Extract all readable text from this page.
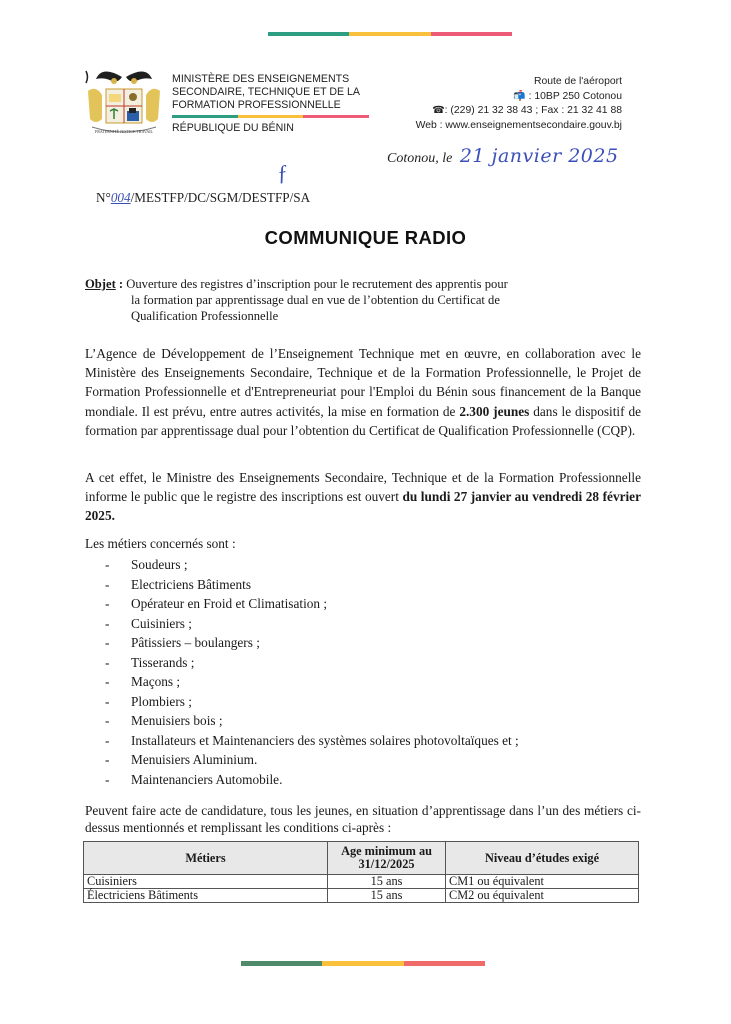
FRATERNITÉ JUSTICE TRAVAIL
MINISTÈRE DES ENSEIGNEMENTS
SECONDAIRE, TECHNIQUE ET DE LA
FORMATION PROFESSIONNELLE
RÉPUBLIQUE DU BÉNIN
Route de l'aéroport
📬 : 10BP 250 Cotonou
☎: (229) 21 32 38 43 ; Fax : 21 32 41 88
Web : www.enseignementsecondaire.gouv.bj
Cotonou, le 21 janvier 2025
ƒ
N°004/MESTFP/DC/SGM/DESTFP/SA
COMMUNIQUE RADIO
Objet : Ouverture des registres d’inscription pour le recrutement des apprentis pour
la formation par apprentissage dual en vue de l’obtention du Certificat de
Qualification Professionnelle
L’Agence de Développement de l’Enseignement Technique met en œuvre, en collaboration avec le Ministère des Enseignements Secondaire, Technique et de la Formation Professionnelle, le Projet de Formation Professionnelle et d'Entrepreneuriat pour l'Emploi du Bénin sous financement de la Banque mondiale. Il est prévu, entre autres activités, la mise en formation de 2.300 jeunes dans le dispositif de formation par apprentissage dual pour l’obtention du Certificat de Qualification Professionnelle (CQP).
A cet effet, le Ministre des Enseignements Secondaire, Technique et de la Formation Professionnelle informe le public que le registre des inscriptions est ouvert du lundi 27 janvier au vendredi 28 février 2025.
Les métiers concernés sont :
-	Soudeurs ;
-	Electriciens Bâtiments
-	Opérateur en Froid et Climatisation ;
-	Cuisiniers ;
-	Pâtissiers – boulangers ;
-	Tisserands ;
-	Maçons ;
-	Plombiers ;
-	Menuisiers bois ;
-	Installateurs et Maintenanciers des systèmes solaires photovoltaïques et ;
-	Menuisiers Aluminium.
-	Maintenanciers Automobile.
Peuvent faire acte de candidature, tous les jeunes, en situation d’apprentissage dans l’un des métiers ci-dessus mentionnés et remplissant les conditions ci-après :
Métiers	Age minimum au 31/12/2025	Niveau d’études exigé
Cuisiniers	15 ans	CM1 ou équivalent
Électriciens Bâtiments	15 ans	CM2 ou équivalent
